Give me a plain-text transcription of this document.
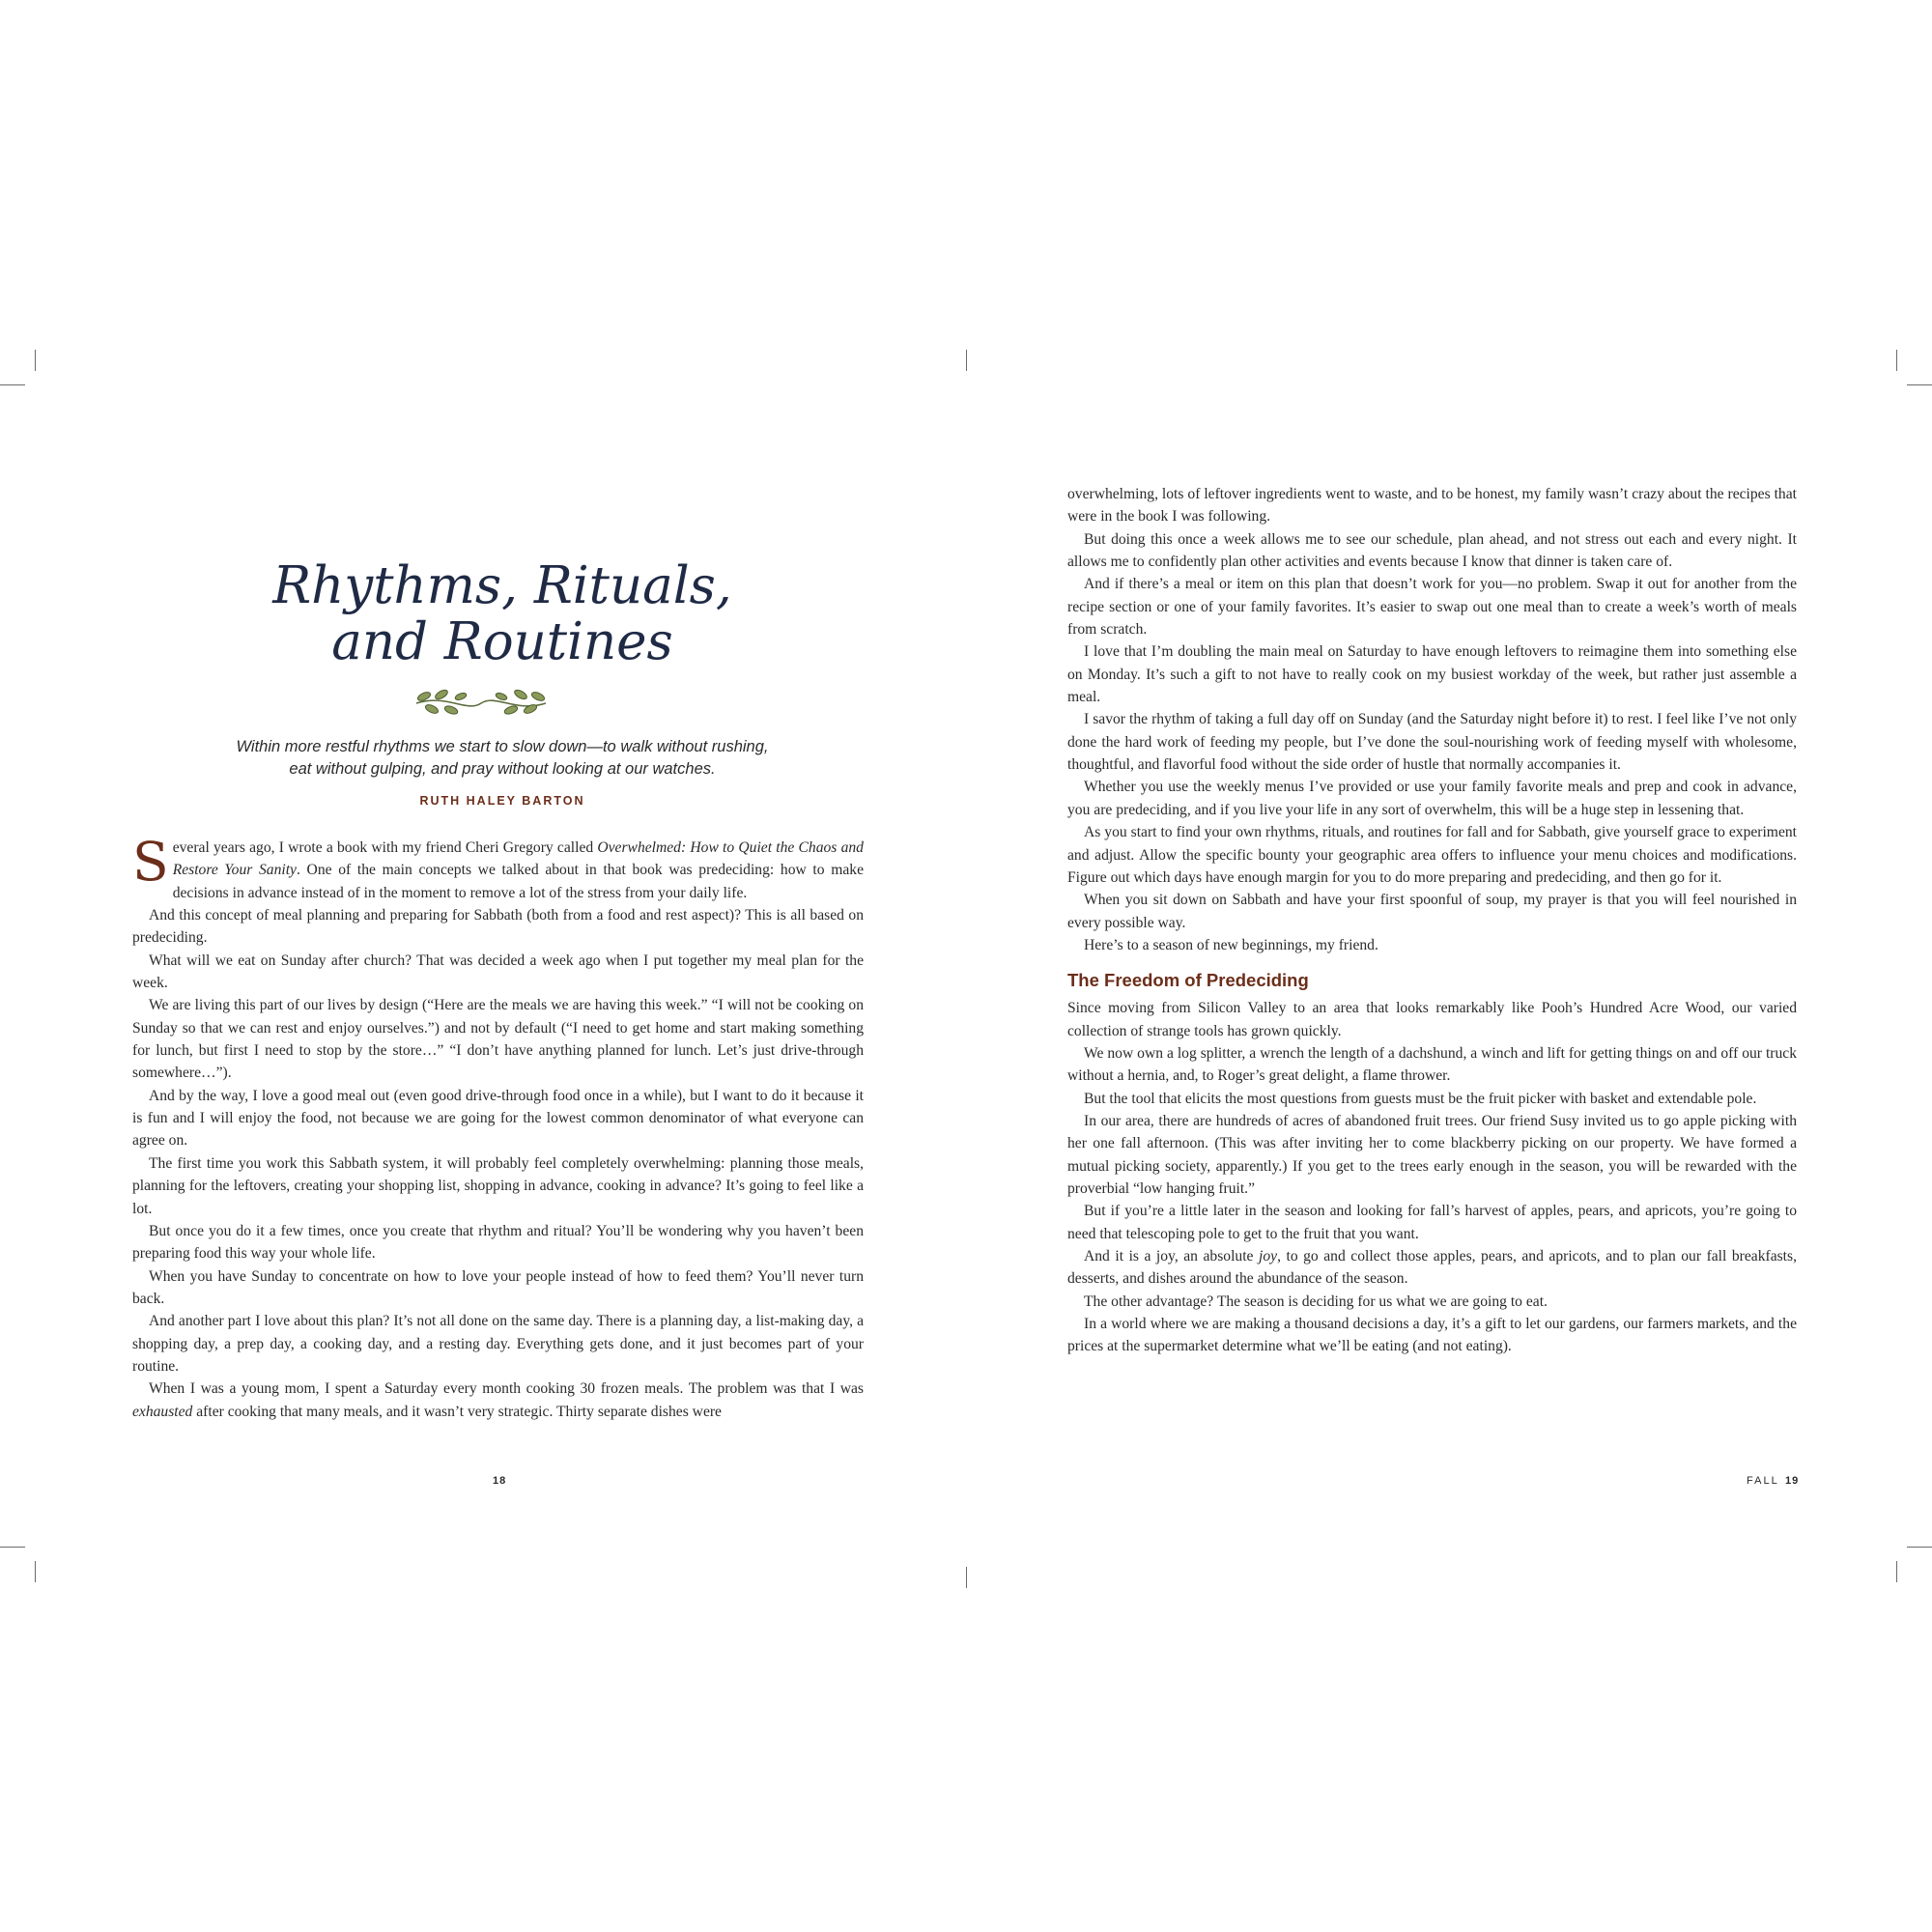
Rhythms, Rituals,
and Routines

Within more restful rhythms we start to slow down—to walk without rushing,
eat without gulping, and pray without looking at our watches.

RUTH HALEY BARTON

Several years ago, I wrote a book with my friend Cheri Gregory called Overwhelmed: How to Quiet the Chaos and Restore Your Sanity. One of the main concepts we talked about in that book was predeciding: how to make decisions in advance instead of in the moment to remove a lot of the stress from your daily life.

And this concept of meal planning and preparing for Sabbath (both from a food and rest aspect)? This is all based on predeciding.

What will we eat on Sunday after church? That was decided a week ago when I put together my meal plan for the week.

We are living this part of our lives by design (“Here are the meals we are having this week.” “I will not be cooking on Sunday so that we can rest and enjoy ourselves.”) and not by default (“I need to get home and start making something for lunch, but first I need to stop by the store…” “I don’t have anything planned for lunch. Let’s just drive-through somewhere…”).

And by the way, I love a good meal out (even good drive-through food once in a while), but I want to do it because it is fun and I will enjoy the food, not because we are going for the lowest common denominator of what everyone can agree on.

The first time you work this Sabbath system, it will probably feel completely overwhelming: planning those meals, planning for the leftovers, creating your shopping list, shopping in advance, cooking in advance? It’s going to feel like a lot.

But once you do it a few times, once you create that rhythm and ritual? You’ll be wondering why you haven’t been preparing food this way your whole life.

When you have Sunday to concentrate on how to love your people instead of how to feed them? You’ll never turn back.

And another part I love about this plan? It’s not all done on the same day. There is a planning day, a list-making day, a shopping day, a prep day, a cooking day, and a resting day. Everything gets done, and it just becomes part of your routine.

When I was a young mom, I spent a Saturday every month cooking 30 frozen meals. The problem was that I was exhausted after cooking that many meals, and it wasn’t very strategic. Thirty separate dishes were

18

overwhelming, lots of leftover ingredients went to waste, and to be honest, my family wasn’t crazy about the recipes that were in the book I was following.

But doing this once a week allows me to see our schedule, plan ahead, and not stress out each and every night. It allows me to confidently plan other activities and events because I know that dinner is taken care of.

And if there’s a meal or item on this plan that doesn’t work for you—no problem. Swap it out for another from the recipe section or one of your family favorites. It’s easier to swap out one meal than to create a week’s worth of meals from scratch.

I love that I’m doubling the main meal on Saturday to have enough leftovers to reimagine them into something else on Monday. It’s such a gift to not have to really cook on my busiest workday of the week, but rather just assemble a meal.

I savor the rhythm of taking a full day off on Sunday (and the Saturday night before it) to rest. I feel like I’ve not only done the hard work of feeding my people, but I’ve done the soul-nourishing work of feeding myself with wholesome, thoughtful, and flavorful food without the side order of hustle that normally accompanies it.

Whether you use the weekly menus I’ve provided or use your family favorite meals and prep and cook in advance, you are predeciding, and if you live your life in any sort of overwhelm, this will be a huge step in lessening that.

As you start to find your own rhythms, rituals, and routines for fall and for Sabbath, give yourself grace to experiment and adjust. Allow the specific bounty your geographic area offers to influence your menu choices and modifications. Figure out which days have enough margin for you to do more preparing and predeciding, and then go for it.

When you sit down on Sabbath and have your first spoonful of soup, my prayer is that you will feel nourished in every possible way.

Here’s to a season of new beginnings, my friend.

The Freedom of Predeciding

Since moving from Silicon Valley to an area that looks remarkably like Pooh’s Hundred Acre Wood, our varied collection of strange tools has grown quickly.

We now own a log splitter, a wrench the length of a dachshund, a winch and lift for getting things on and off our truck without a hernia, and, to Roger’s great delight, a flame thrower.

But the tool that elicits the most questions from guests must be the fruit picker with basket and extendable pole.

In our area, there are hundreds of acres of abandoned fruit trees. Our friend Susy invited us to go apple picking with her one fall afternoon. (This was after inviting her to come blackberry picking on our property. We have formed a mutual picking society, apparently.) If you get to the trees early enough in the season, you will be rewarded with the proverbial “low hanging fruit.”

But if you’re a little later in the season and looking for fall’s harvest of apples, pears, and apricots, you’re going to need that telescoping pole to get to the fruit that you want.

And it is a joy, an absolute joy, to go and collect those apples, pears, and apricots, and to plan our fall breakfasts, desserts, and dishes around the abundance of the season.

The other advantage? The season is deciding for us what we are going to eat.

In a world where we are making a thousand decisions a day, it’s a gift to let our gardens, our farmers markets, and the prices at the supermarket determine what we’ll be eating (and not eating).

FALL 19
